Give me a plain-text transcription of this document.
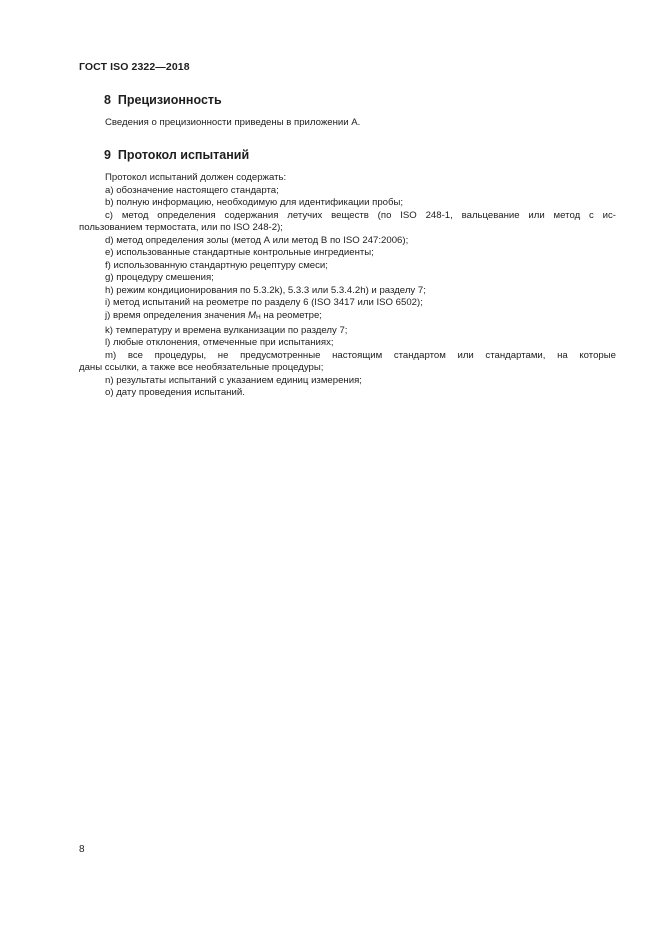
ГОСТ ISO 2322—2018
8 Прецизионность

Сведения о прецизионности приведены в приложении А.

9 Протокол испытаний

Протокол испытаний должен содержать:

a) обозначение настоящего стандарта;

b) полную информацию, необходимую для идентификации пробы;

c) метод определения содержания летучих веществ (по ISO 248-1, вальцевание или метод с ис-

пользованием термостата, или по ISO 248-2);

d) метод определения золы (метод А или метод В по ISO 247:2006);

e) использованные стандартные контрольные ингредиенты;

f) использованную стандартную рецептуру смеси;

g) процедуру смешения;

h) режим кондиционирования по 5.3.2k), 5.3.3 или 5.3.4.2h) и разделу 7;

i) метод испытаний на реометре по разделу 6 (ISO 3417 или ISO 6502);

j) время определения значения $M_H$ на реометре;

k) температуру и времена вулканизации по разделу 7;

l) любые отклонения, отмеченные при испытаниях;

m) все процедуры, не предусмотренные настоящим стандартом или стандартами, на которые

даны ссылки, а также все необязательные процедуры;

n) результаты испытаний с указанием единиц измерения;

o) дату проведения испытаний.

8
